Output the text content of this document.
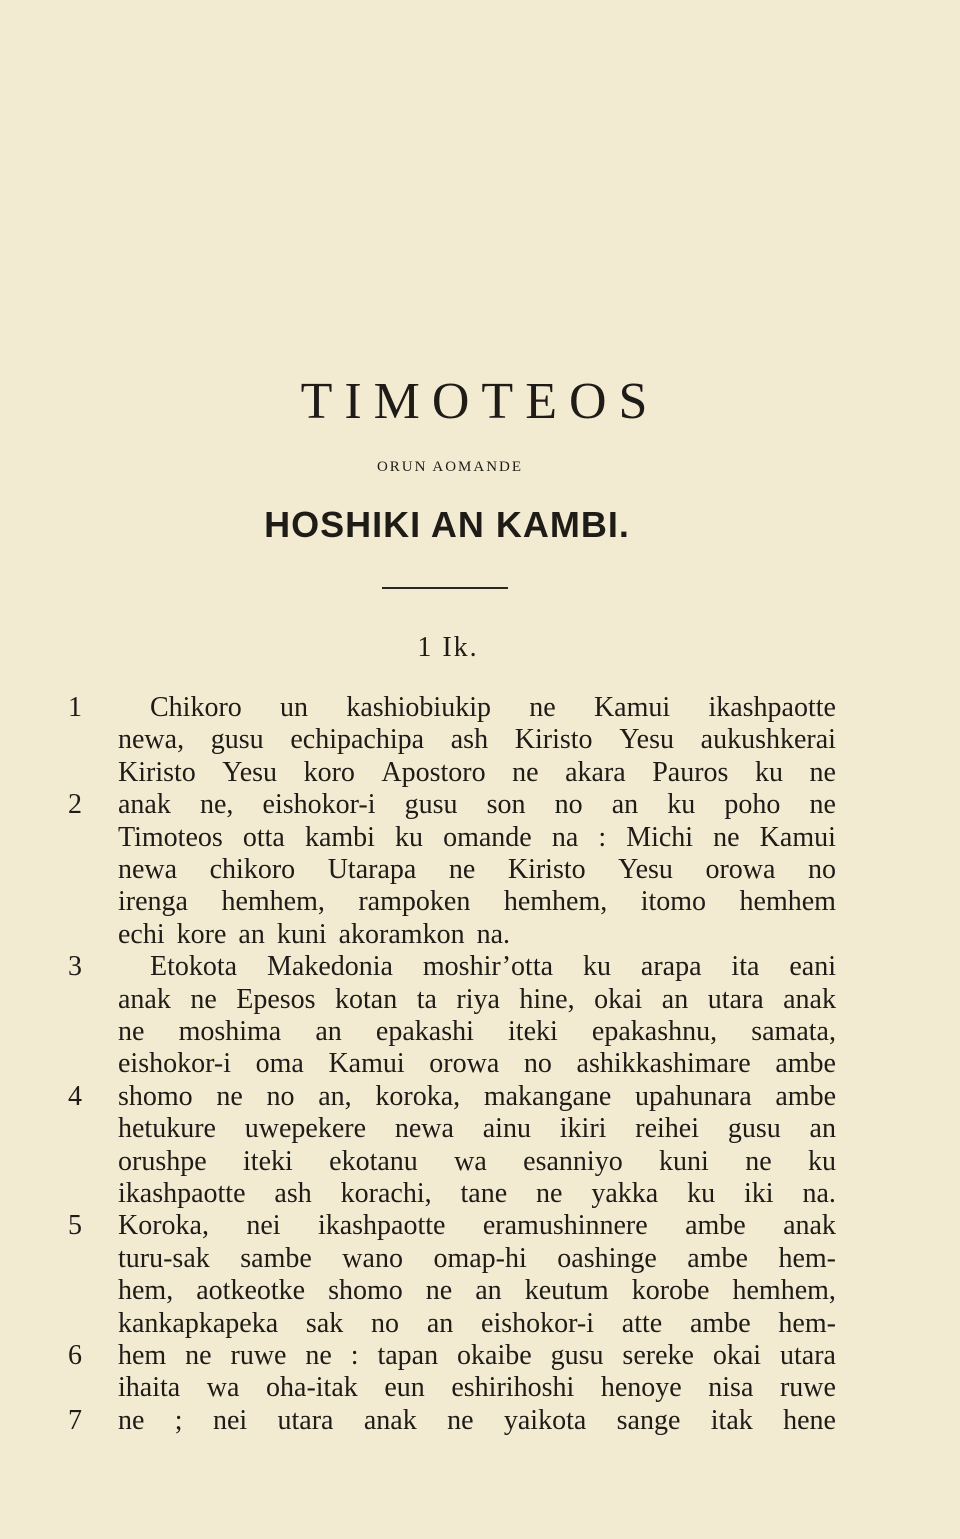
TIMOTEOS
ORUN AOMANDE
HOSHIKI AN KAMBI.
1 Ik.
1	Chikoro un kashiobiukip ne Kamui ikashpaotte
newa, gusu echipachipa ash Kiristo Yesu aukushkerai
Kiristo Yesu koro Apostoro ne akara Pauros ku ne
2	anak ne, eishokor-i gusu son no an ku poho ne
Timoteos otta kambi ku omande na : Michi ne Kamui
newa chikoro Utarapa ne Kiristo Yesu orowa no
irenga hemhem, rampoken hemhem, itomo hemhem
echi kore an kuni akoramkon na.
3	Etokota Makedonia moshir’otta ku arapa ita eani
anak ne Epesos kotan ta riya hine, okai an utara anak
ne moshima an epakashi iteki epakashnu, samata,
eishokor-i oma Kamui orowa no ashikkashimare ambe
4	shomo ne no an, koroka, makangane upahunara ambe
hetukure uwepekere newa ainu ikiri reihei gusu an
orushpe iteki ekotanu wa esanniyo kuni ne ku
ikashpaotte ash korachi, tane ne yakka ku iki na.
5	Koroka, nei ikashpaotte eramushinnere ambe anak
turu-sak sambe wano omap-hi oashinge ambe hem-
hem, aotkeotke shomo ne an keutum korobe hemhem,
kankapkapeka sak no an eishokor-i atte ambe hem-
6	hem ne ruwe ne : tapan okaibe gusu sereke okai utara
ihaita wa oha-itak eun eshirihoshi henoye nisa ruwe
7	ne ; nei utara anak ne yaikota sange itak hene
